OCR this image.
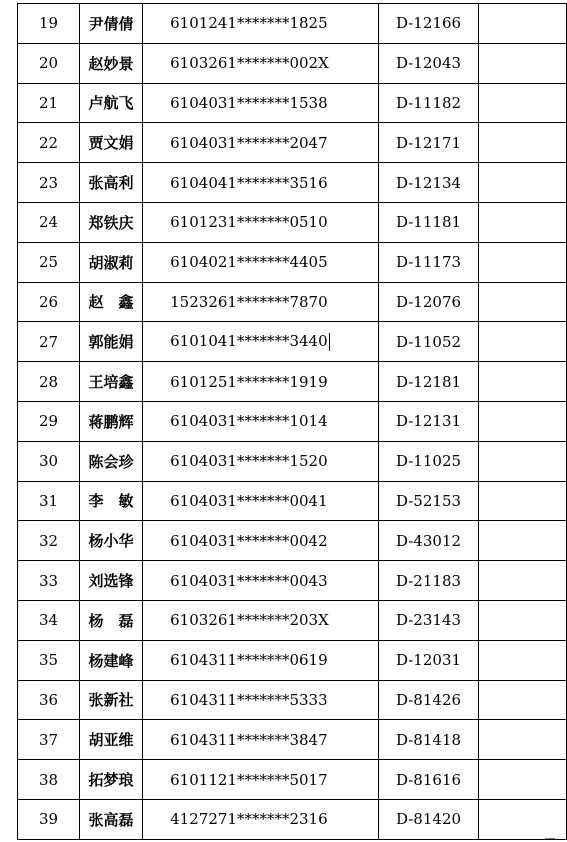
19	尹倩倩	6101241*******1825	D-12166	
20	赵妙景	6103261*******002X	D-12043	
21	卢航飞	6104031*******1538	D-11182	
22	贾文娟	6104031*******2047	D-12171	
23	张高利	6104041*******3516	D-12134	
24	郑铁庆	6101231*******0510	D-11181	
25	胡淑莉	6104021*******4405	D-11173	
26	赵　鑫	1523261*******7870	D-12076	
27	郭能娟	6101041*******3440	D-11052	
28	王培鑫	6101251*******1919	D-12181	
29	蒋鹏辉	6104031*******1014	D-12131	
30	陈会珍	6104031*******1520	D-11025	
31	李　敏	6104031*******0041	D-52153	
32	杨小华	6104031*******0042	D-43012	
33	刘选锋	6104031*******0043	D-21183	
34	杨　磊	6103261*******203X	D-23143	
35	杨建峰	6104311*******0619	D-12031	
36	张新社	6104311*******5333	D-81426	
37	胡亚维	6104311*******3847	D-81418	
38	拓梦琅	6101121*******5017	D-81616	
39	张高磊	4127271*******2316	D-81420	
